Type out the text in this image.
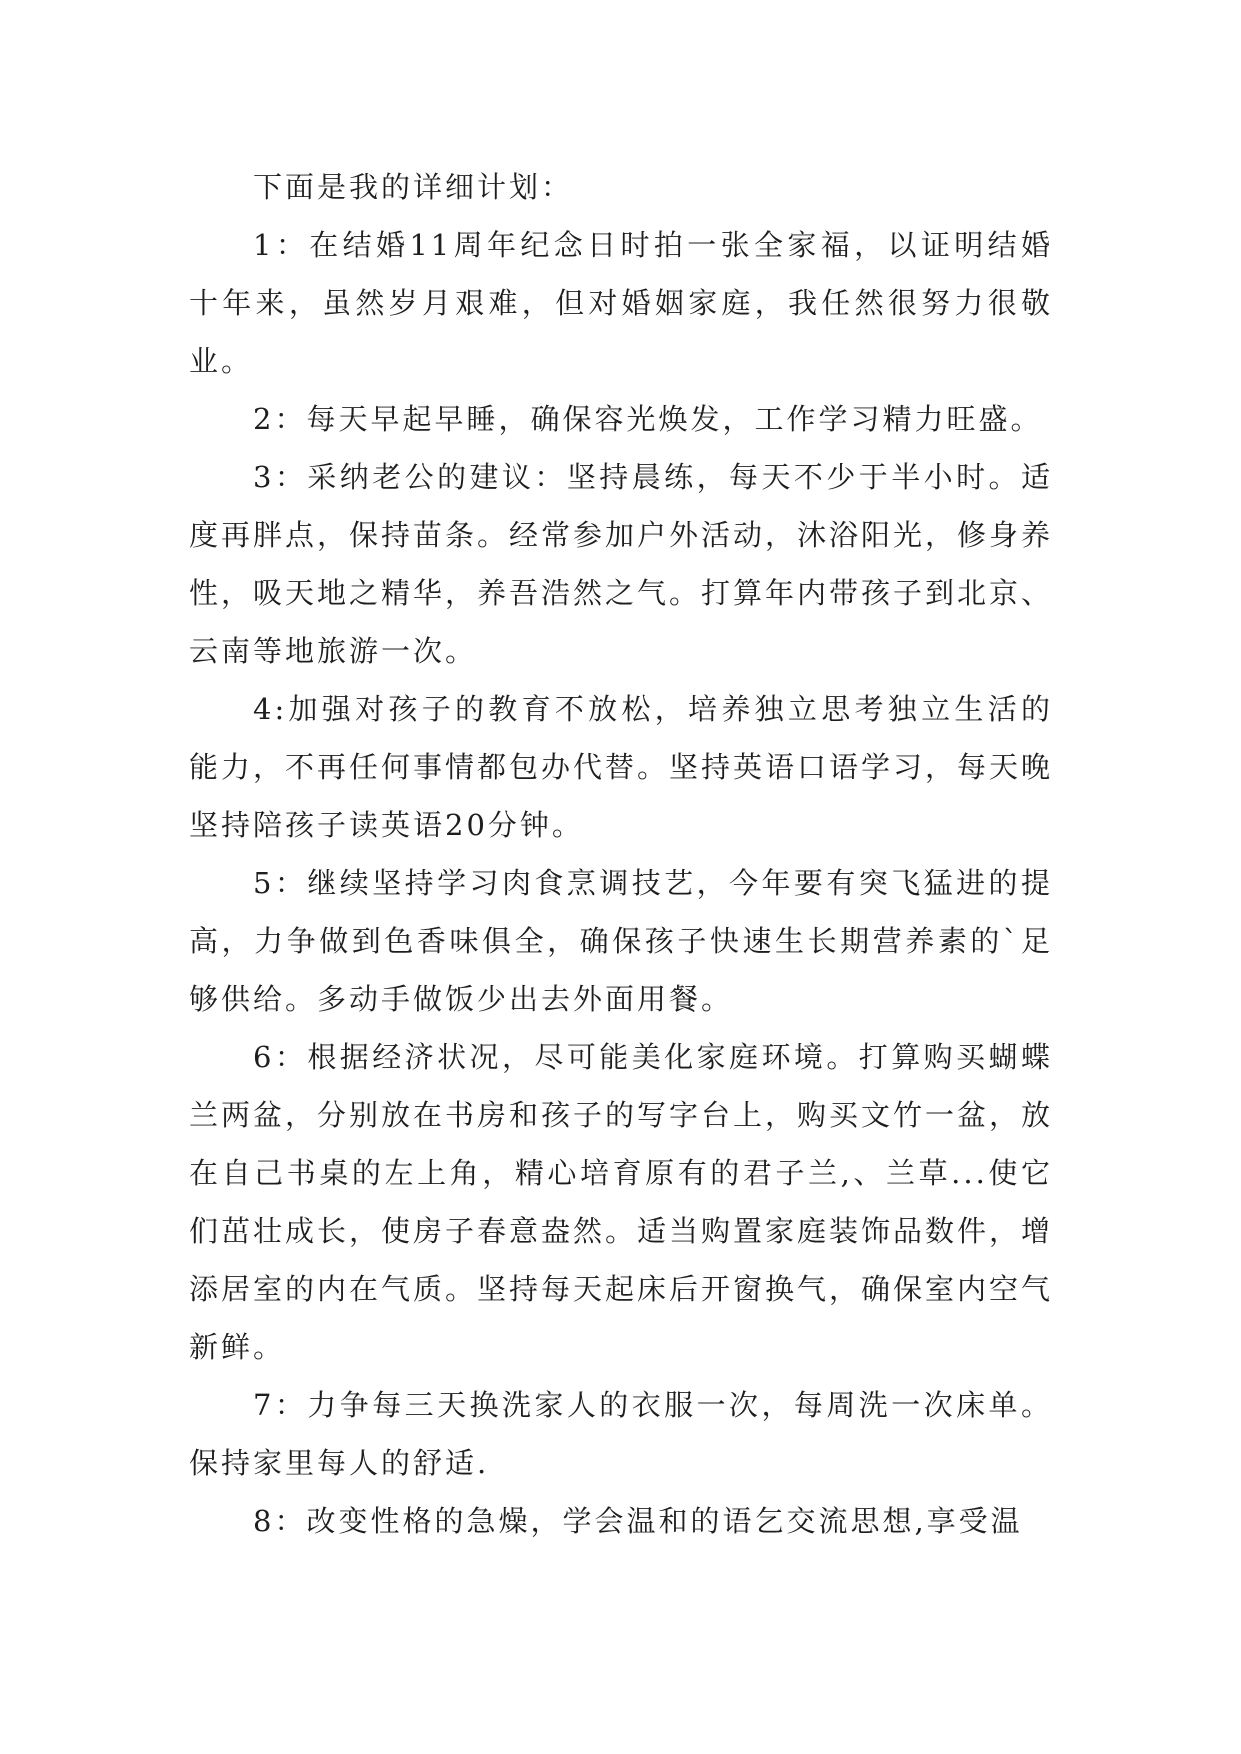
下面是我的详细计划：

1：在结婚11周年纪念日时拍一张全家福，以证明结婚十年来，虽然岁月艰难，但对婚姻家庭，我任然很努力很敬业。

2：每天早起早睡，确保容光焕发，工作学习精力旺盛。

3：采纳老公的建议：坚持晨练，每天不少于半小时。适度再胖点，保持苗条。经常参加户外活动，沐浴阳光，修身养性，吸天地之精华，养吾浩然之气。打算年内带孩子到北京、云南等地旅游一次。

4:加强对孩子的教育不放松，培养独立思考独立生活的能力，不再任何事情都包办代替。坚持英语口语学习，每天晚坚持陪孩子读英语20分钟。

5：继续坚持学习肉食烹调技艺，今年要有突飞猛进的提高，力争做到色香味俱全，确保孩子快速生长期营养素的`足够供给。多动手做饭少出去外面用餐。

6：根据经济状况，尽可能美化家庭环境。打算购买蝴蝶兰两盆，分别放在书房和孩子的写字台上，购买文竹一盆，放在自己书桌的左上角，精心培育原有的君子兰,、兰草...使它们茁壮成长，使房子春意盎然。适当购置家庭装饰品数件，增添居室的内在气质。坚持每天起床后开窗换气，确保室内空气新鲜。

7：力争每三天换洗家人的衣服一次，每周洗一次床单。保持家里每人的舒适.

8：改变性格的急燥，学会温和的语乞交流思想,享受温
